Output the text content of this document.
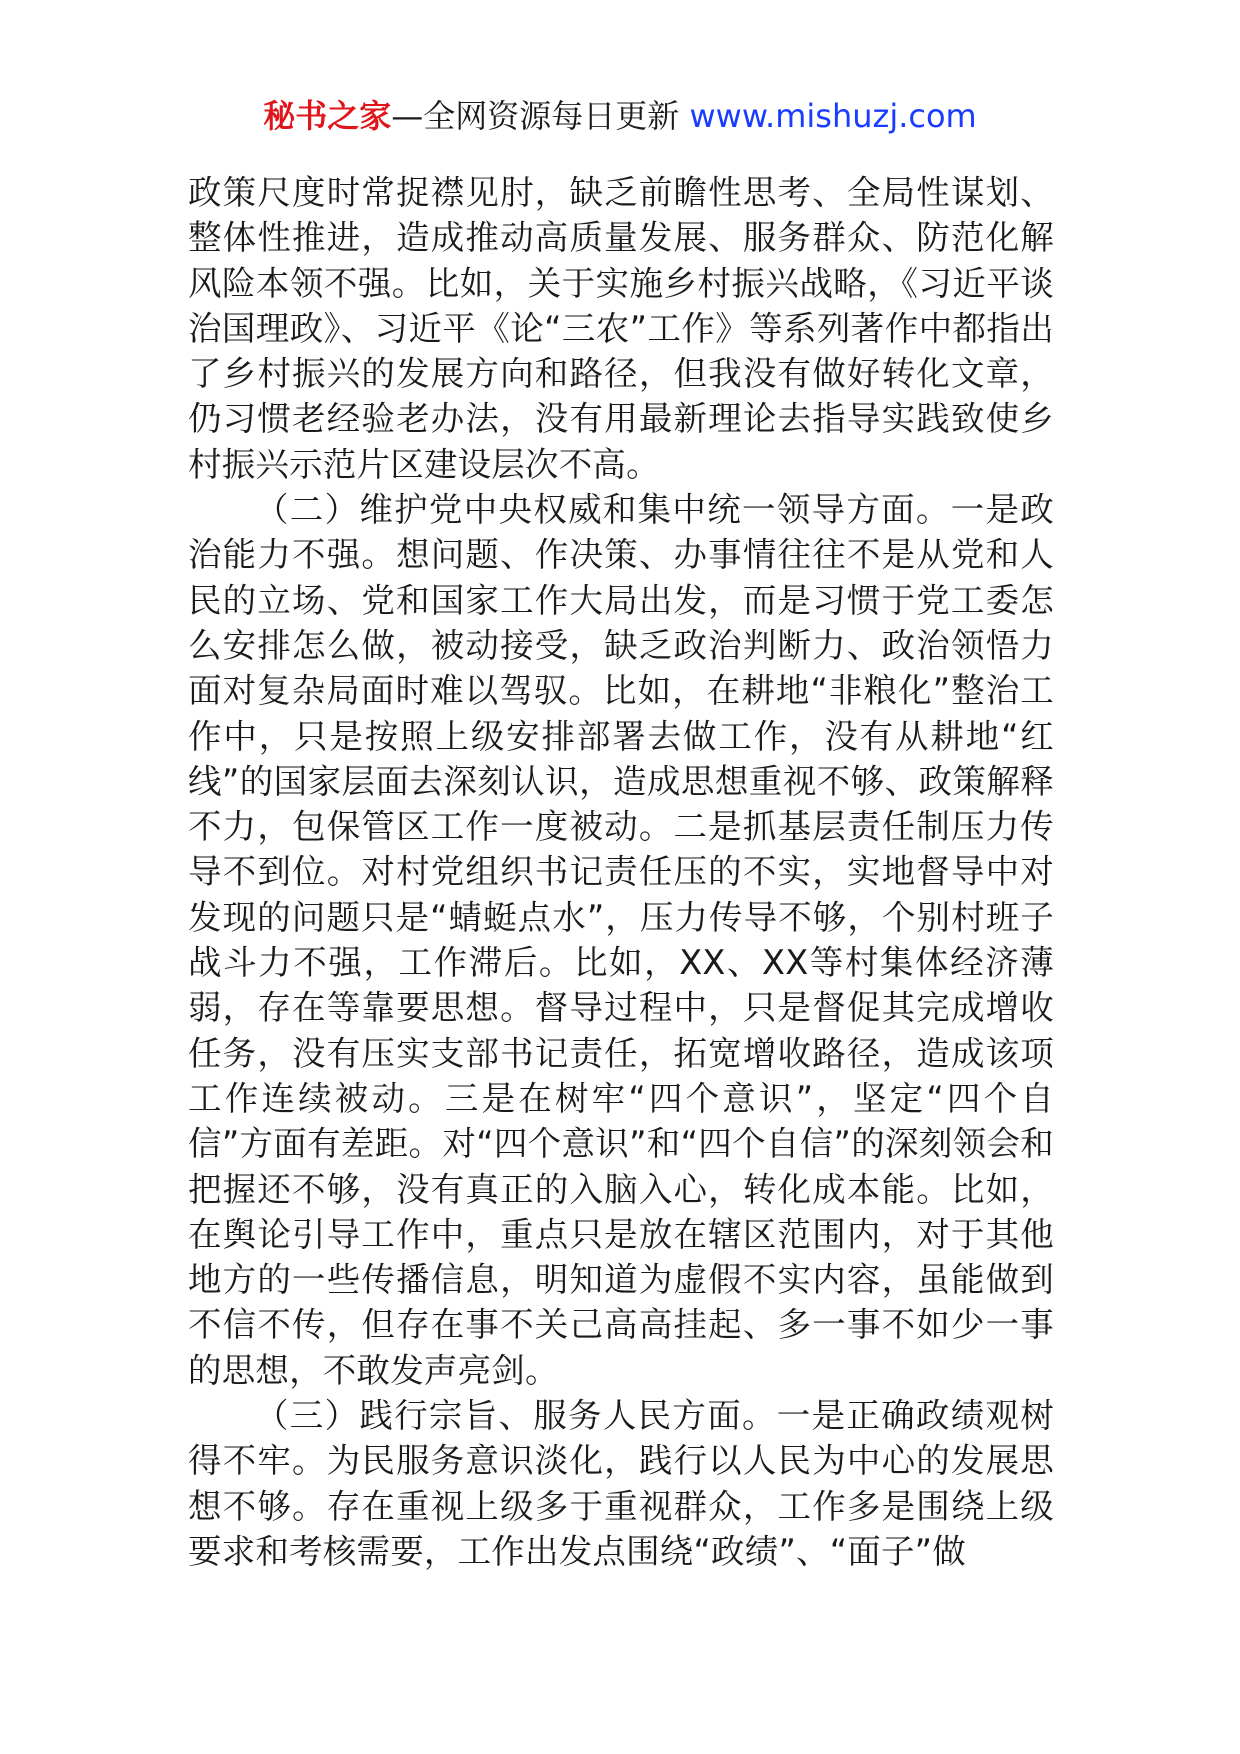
秘书之家—全网资源每日更新 www.mishuzj.com

政策尺度时常捉襟见肘，缺乏前瞻性思考、全局性谋划、整体性推进，造成推动高质量发展、服务群众、防范化解风险本领不强。比如，关于实施乡村振兴战略，《习近平谈治国理政》、习近平《论“三农”工作》等系列著作中都指出了乡村振兴的发展方向和路径，但我没有做好转化文章，仍习惯老经验老办法，没有用最新理论去指导实践致使乡村振兴示范片区建设层次不高。

（二）维护党中央权威和集中统一领导方面。一是政治能力不强。想问题、作决策、办事情往往不是从党和人民的立场、党和国家工作大局出发，而是习惯于党工委怎么安排怎么做，被动接受，缺乏政治判断力、政治领悟力面对复杂局面时难以驾驭。比如，在耕地“非粮化”整治工作中，只是按照上级安排部署去做工作，没有从耕地“红线”的国家层面去深刻认识，造成思想重视不够、政策解释不力，包保管区工作一度被动。二是抓基层责任制压力传导不到位。对村党组织书记责任压的不实，实地督导中对发现的问题只是“蜻蜓点水”，压力传导不够，个别村班子战斗力不强，工作滞后。比如，XX、XX等村集体经济薄弱，存在等靠要思想。督导过程中，只是督促其完成增收任务，没有压实支部书记责任，拓宽增收路径，造成该项工作连续被动。三是在树牢“四个意识”，坚定“四个自信”方面有差距。对“四个意识”和“四个自信”的深刻领会和把握还不够，没有真正的入脑入心，转化成本能。比如，在舆论引导工作中，重点只是放在辖区范围内，对于其他地方的一些传播信息，明知道为虚假不实内容，虽能做到不信不传，但存在事不关己高高挂起、多一事不如少一事的思想，不敢发声亮剑。

（三）践行宗旨、服务人民方面。一是正确政绩观树得不牢。为民服务意识淡化，践行以人民为中心的发展思想不够。存在重视上级多于重视群众，工作多是围绕上级要求和考核需要，工作出发点围绕“政绩”、“面子”做
